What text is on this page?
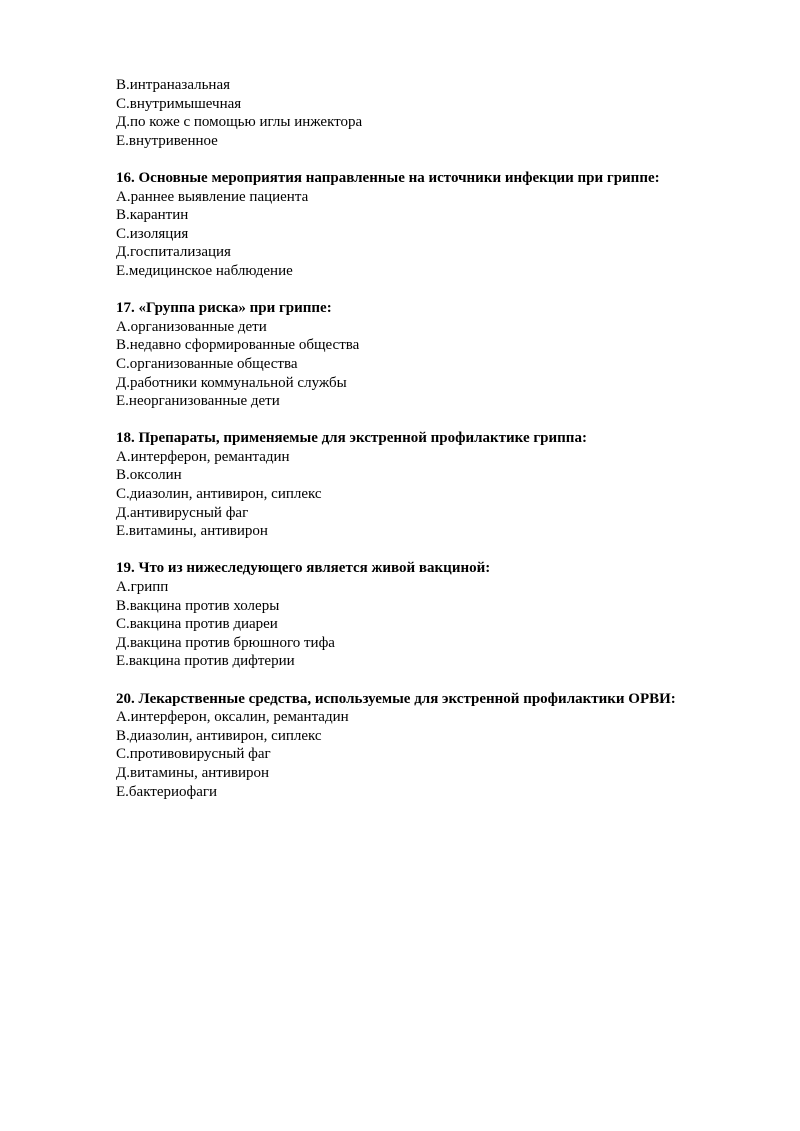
B.интраназальная

C.внутримышечная

Д.по коже с помощью иглы инжектора

E.внутривенное

16. Основные мероприятия направленные на источники инфекции при гриппе:

A.раннее выявление пациента

B.карантин

C.изоляция

Д.госпитализация

E.медицинское наблюдение

17. «Группа риска» при гриппе:

A.организованные дети

B.недавно сформированные общества

C.организованные общества

Д.работники коммунальной службы

E.неорганизованные дети

18. Препараты, применяемые для экстренной профилактике гриппа:

A.интерферон, ремантадин

B.оксолин

C.диазолин, антивирон, сиплекс

Д.антивирусный фаг

E.витамины, антивирон

19. Что из нижеследующего является живой вакциной:

A.грипп

B.вакцина против холеры

C.вакцина против диареи

Д.вакцина против брюшного тифа

E.вакцина против дифтерии

20. Лекарственные средства, используемые для экстренной профилактики ОРВИ:

A.интерферон, оксалин, ремантадин

B.диазолин, антивирон, сиплекс

C.противовирусный фаг

Д.витамины, антивирон

E.бактериофаги
